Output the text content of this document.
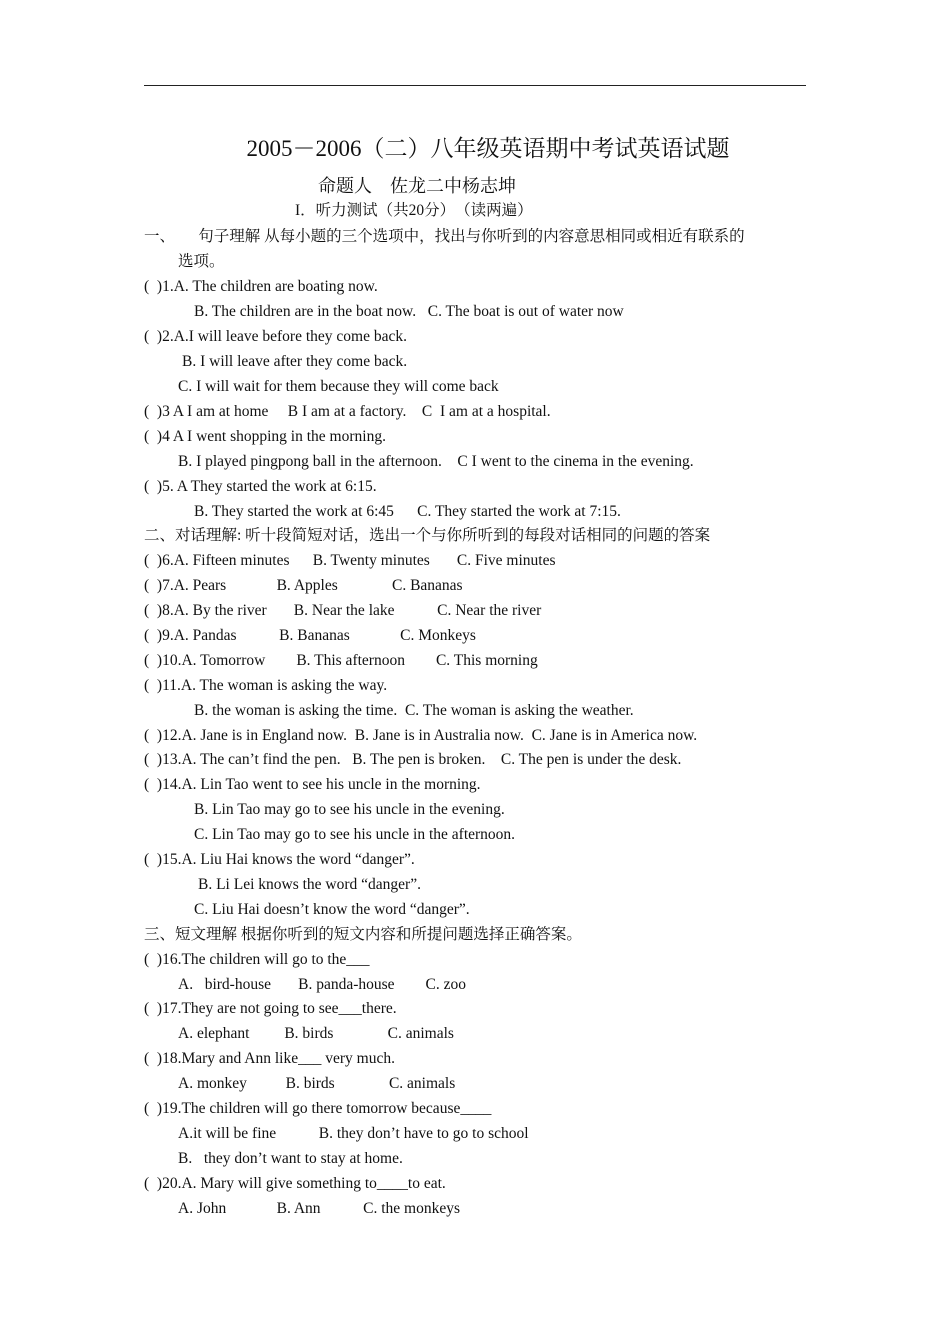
2005－2006（二）八年级英语期中考试英语试题
命题人　佐龙二中杨志坤
I．听力测试（共20分）　（读两遍）
一、　　句子理解 从每小题的三个选项中，找出与你听到的内容意思相同或相近有联系的
选项。
(  )1.A. The children are boating now.
B. The children are in the boat now.   C. The boat is out of water now
(  )2.A.I will leave before they come back.
B. I will leave after they come back.
C. I will wait for them because they will come back
(  )3 A I am at home     B I am at a factory.    C  I am at a hospital.
(  )4 A I went shopping in the morning.
B. I played pingpong ball in the afternoon.    C I went to the cinema in the evening.
(  )5. A They started the work at 6:15.
B. They started the work at 6:45      C. They started the work at 7:15.
二、对话理解: 听十段简短对话，选出一个与你所听到的每段对话相同的问题的答案
(  )6.A. Fifteen minutes      B. Twenty minutes       C. Five minutes
(  )7.A. Pears             B. Apples              C. Bananas
(  )8.A. By the river       B. Near the lake           C. Near the river
(  )9.A. Pandas           B. Bananas             C. Monkeys
(  )10.A. Tomorrow        B. This afternoon        C. This morning
(  )11.A. The woman is asking the way.
B. the woman is asking the time.  C. The woman is asking the weather.
(  )12.A. Jane is in England now.  B. Jane is in Australia now.  C. Jane is in America now.
(  )13.A. The can’t find the pen.   B. The pen is broken.    C. The pen is under the desk.
(  )14.A. Lin Tao went to see his uncle in the morning.
B. Lin Tao may go to see his uncle in the evening.
C. Lin Tao may go to see his uncle in the afternoon.
(  )15.A. Liu Hai knows the word “danger”.
B. Li Lei knows the word “danger”.
C. Liu Hai doesn’t know the word “danger”.
三、短文理解 根据你听到的短文内容和所提问题选择正确答案。
(  )16.The children will go to the___
A.   bird-house       B. panda-house        C. zoo
(  )17.They are not going to see___there.
A. elephant         B. birds              C. animals
(  )18.Mary and Ann like___ very much.
A. monkey          B. birds              C. animals
(  )19.The children will go there tomorrow because____
A.it will be fine           B. they don’t have to go to school
B.   they don’t want to stay at home.
(  )20.A. Mary will give something to____to eat.
A. John             B. Ann           C. the monkeys
